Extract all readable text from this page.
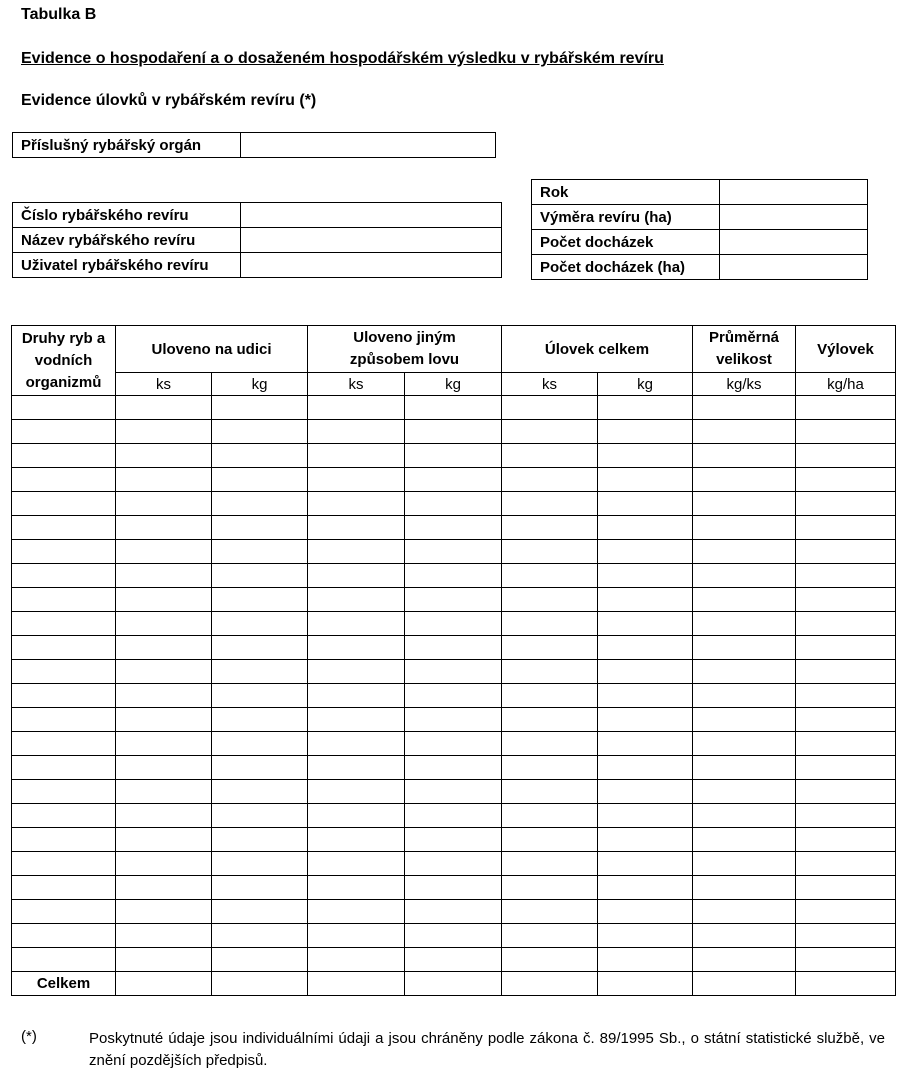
Tabulka B
Evidence o hospodaření a o dosaženém hospodářském výsledku v rybářském revíru
Evidence úlovků v rybářském revíru (*)
Příslušný rybářský orgán	
Číslo rybářského revíru	
Název rybářského revíru	
Uživatel rybářského revíru	
Rok	
Výměra revíru (ha)	
Počet docházek	
Počet docházek (ha)	
Druhy ryb a vodních organizmů	Uloveno na udici		Uloveno jiným způsobem lovu		Úlovek celkem		Průměrná velikost	Výlovek
	ks	kg	ks	kg	ks	kg	kg/ks	kg/ha

Celkem								
(*)	Poskytnuté údaje jsou individuálními údaji a jsou chráněny podle zákona č. 89/1995 Sb., o státní statistické službě, ve znění pozdějších předpisů.
